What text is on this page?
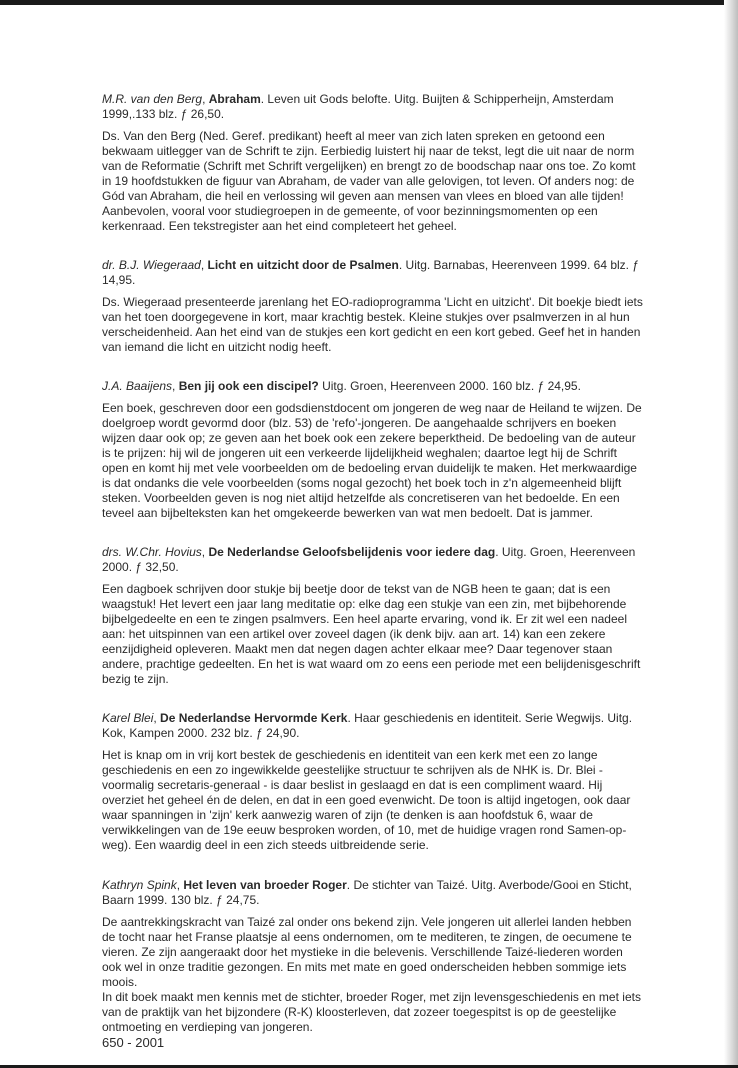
M.R. van den Berg, Abraham. Leven uit Gods belofte. Uitg. Buijten & Schipperheijn, Amsterdam 1999,.133 blz. ƒ 26,50.

Ds. Van den Berg (Ned. Geref. predikant) heeft al meer van zich laten spreken en getoond een bekwaam uitlegger van de Schrift te zijn. Eerbiedig luistert hij naar de tekst, legt die uit naar de norm van de Reformatie (Schrift met Schrift vergelijken) en brengt zo de boodschap naar ons toe. Zo komt in 19 hoofdstukken de figuur van Abraham, de vader van alle gelovigen, tot leven. Of anders nog: de Gód van Abraham, die heil en verlossing wil geven aan mensen van vlees en bloed van alle tijden! Aanbevolen, vooral voor studiegroepen in de gemeente, of voor bezinningsmomenten op een kerkenraad. Een tekstregister aan het eind completeert het geheel.

dr. B.J. Wiegeraad, Licht en uitzicht door de Psalmen. Uitg. Barnabas, Heerenveen 1999. 64 blz. ƒ 14,95.

Ds. Wiegeraad presenteerde jarenlang het EO-radioprogramma 'Licht en uitzicht'. Dit boekje biedt iets van het toen doorgegevene in kort, maar krachtig bestek. Kleine stukjes over psalmverzen in al hun verscheidenheid. Aan het eind van de stukjes een kort gedicht en een kort gebed. Geef het in handen van iemand die licht en uitzicht nodig heeft.

J.A. Baaijens, Ben jij ook een discipel? Uitg. Groen, Heerenveen 2000. 160 blz. ƒ 24,95.

Een boek, geschreven door een godsdienstdocent om jongeren de weg naar de Heiland te wijzen. De doelgroep wordt gevormd door (blz. 53) de 'refo'-jongeren. De aangehaalde schrijvers en boeken wijzen daar ook op; ze geven aan het boek ook een zekere beperktheid. De bedoeling van de auteur is te prijzen: hij wil de jongeren uit een verkeerde lijdelijkheid weghalen; daartoe legt hij de Schrift open en komt hij met vele voorbeelden om de bedoeling ervan duidelijk te maken. Het merkwaardige is dat ondanks die vele voorbeelden (soms nogal gezocht) het boek toch in z'n algemeenheid blijft steken. Voorbeelden geven is nog niet altijd hetzelfde als concretiseren van het bedoelde. En een teveel aan bijbelteksten kan het omgekeerde bewerken van wat men bedoelt. Dat is jammer.

drs. W.Chr. Hovius, De Nederlandse Geloofsbelijdenis voor iedere dag. Uitg. Groen, Heerenveen 2000. ƒ 32,50.

Een dagboek schrijven door stukje bij beetje door de tekst van de NGB heen te gaan; dat is een waagstuk! Het levert een jaar lang meditatie op: elke dag een stukje van een zin, met bijbehorende bijbelgedeelte en een te zingen psalmvers. Een heel aparte ervaring, vond ik. Er zit wel een nadeel aan: het uitspinnen van een artikel over zoveel dagen (ik denk bijv. aan art. 14) kan een zekere eenzijdigheid opleveren. Maakt men dat negen dagen achter elkaar mee? Daar tegenover staan andere, prachtige gedeelten. En het is wat waard om zo eens een periode met een belijdenisgeschrift bezig te zijn.

Karel Blei, De Nederlandse Hervormde Kerk. Haar geschiedenis en identiteit. Serie Wegwijs. Uitg. Kok, Kampen 2000. 232 blz. ƒ 24,90.

Het is knap om in vrij kort bestek de geschiedenis en identiteit van een kerk met een zo lange geschiedenis en een zo ingewikkelde geestelijke structuur te schrijven als de NHK is. Dr. Blei - voormalig secretaris-generaal - is daar beslist in geslaagd en dat is een compliment waard. Hij overziet het geheel én de delen, en dat in een goed evenwicht. De toon is altijd ingetogen, ook daar waar spanningen in 'zijn' kerk aanwezig waren of zijn (te denken is aan hoofdstuk 6, waar de verwikkelingen van de 19e eeuw besproken worden, of 10, met de huidige vragen rond Samen-op-weg). Een waardig deel in een zich steeds uitbreidende serie.

Kathryn Spink, Het leven van broeder Roger. De stichter van Taizé. Uitg. Averbode/Gooi en Sticht, Baarn 1999. 130 blz. ƒ 24,75.

De aantrekkingskracht van Taizé zal onder ons bekend zijn. Vele jongeren uit allerlei landen hebben de tocht naar het Franse plaatsje al eens ondernomen, om te mediteren, te zingen, de oecumene te vieren. Ze zijn aangeraakt door het mystieke in die belevenis. Verschillende Taizé-liederen worden ook wel in onze traditie gezongen. En mits met mate en goed onderscheiden hebben sommige iets moois.

In dit boek maakt men kennis met de stichter, broeder Roger, met zijn levensgeschiedenis en met iets van de praktijk van het bijzondere (R-K) kloosterleven, dat zozeer toegespitst is op de geestelijke ontmoeting en verdieping van jongeren.

650 - 2001
